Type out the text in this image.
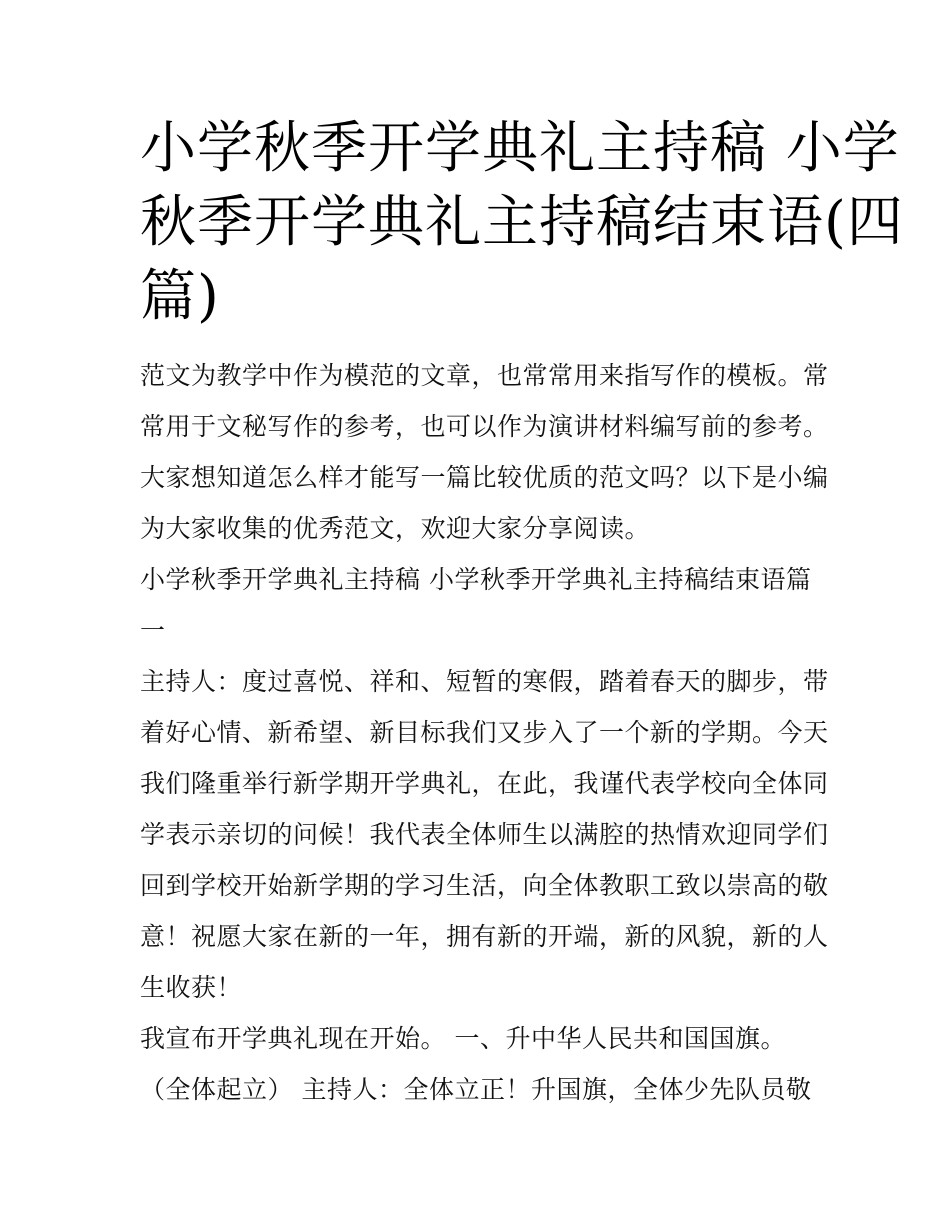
小学秋季开学典礼主持稿 小学
秋季开学典礼主持稿结束语(四
篇)

范文为教学中作为模范的文章，也常常用来指写作的模板。常
常用于文秘写作的参考，也可以作为演讲材料编写前的参考。
大家想知道怎么样才能写一篇比较优质的范文吗？以下是小编
为大家收集的优秀范文，欢迎大家分享阅读。

小学秋季开学典礼主持稿 小学秋季开学典礼主持稿结束语篇
一

主持人：度过喜悦、祥和、短暂的寒假，踏着春天的脚步，带
着好心情、新希望、新目标我们又步入了一个新的学期。今天
我们隆重举行新学期开学典礼，在此，我谨代表学校向全体同
学表示亲切的问候！我代表全体师生以满腔的热情欢迎同学们
回到学校开始新学期的学习生活，向全体教职工致以崇高的敬
意！祝愿大家在新的一年，拥有新的开端，新的风貌，新的人
生收获！

我宣布开学典礼现在开始。 一、升中华人民共和国国旗。

（全体起立） 主持人：全体立正！升国旗，全体少先队员敬
